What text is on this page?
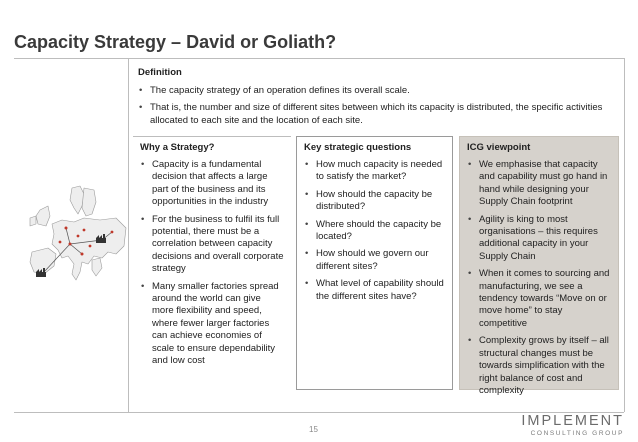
Capacity Strategy – David or Goliath?

Definition

• The capacity strategy of an operation defines its overall scale.
• That is, the number and size of different sites between which its capacity is distributed, the specific activities allocated to each site and the location of each site.

Why a Strategy?

• Capacity is a fundamental decision that affects a large part of the business and its opportunities in the industry
• For the business to fulfil its full potential, there must be a correlation between capacity decisions and overall corporate strategy
• Many smaller factories spread around the world can give more flexibility and speed, where fewer larger factories can achieve economies of scale to ensure dependability and low cost

Key strategic questions

• How much capacity is needed to satisfy the market?
• How should the capacity be distributed?
• Where should the capacity be located?
• How should we govern our different sites?
• What level of capability should the different sites have?

ICG viewpoint

• We emphasise that capacity and capability must go hand in hand while designing your Supply Chain footprint
• Agility is king to most organisations – this requires additional capacity in your Supply Chain
• When it comes to sourcing and manufacturing, we see a tendency towards “Move on or move home” to stay competitive
• Complexity grows by itself – all structural changes must be towards simplification with the right balance of cost and complexity
15
IMPLEMENT
CONSULTING GROUP
